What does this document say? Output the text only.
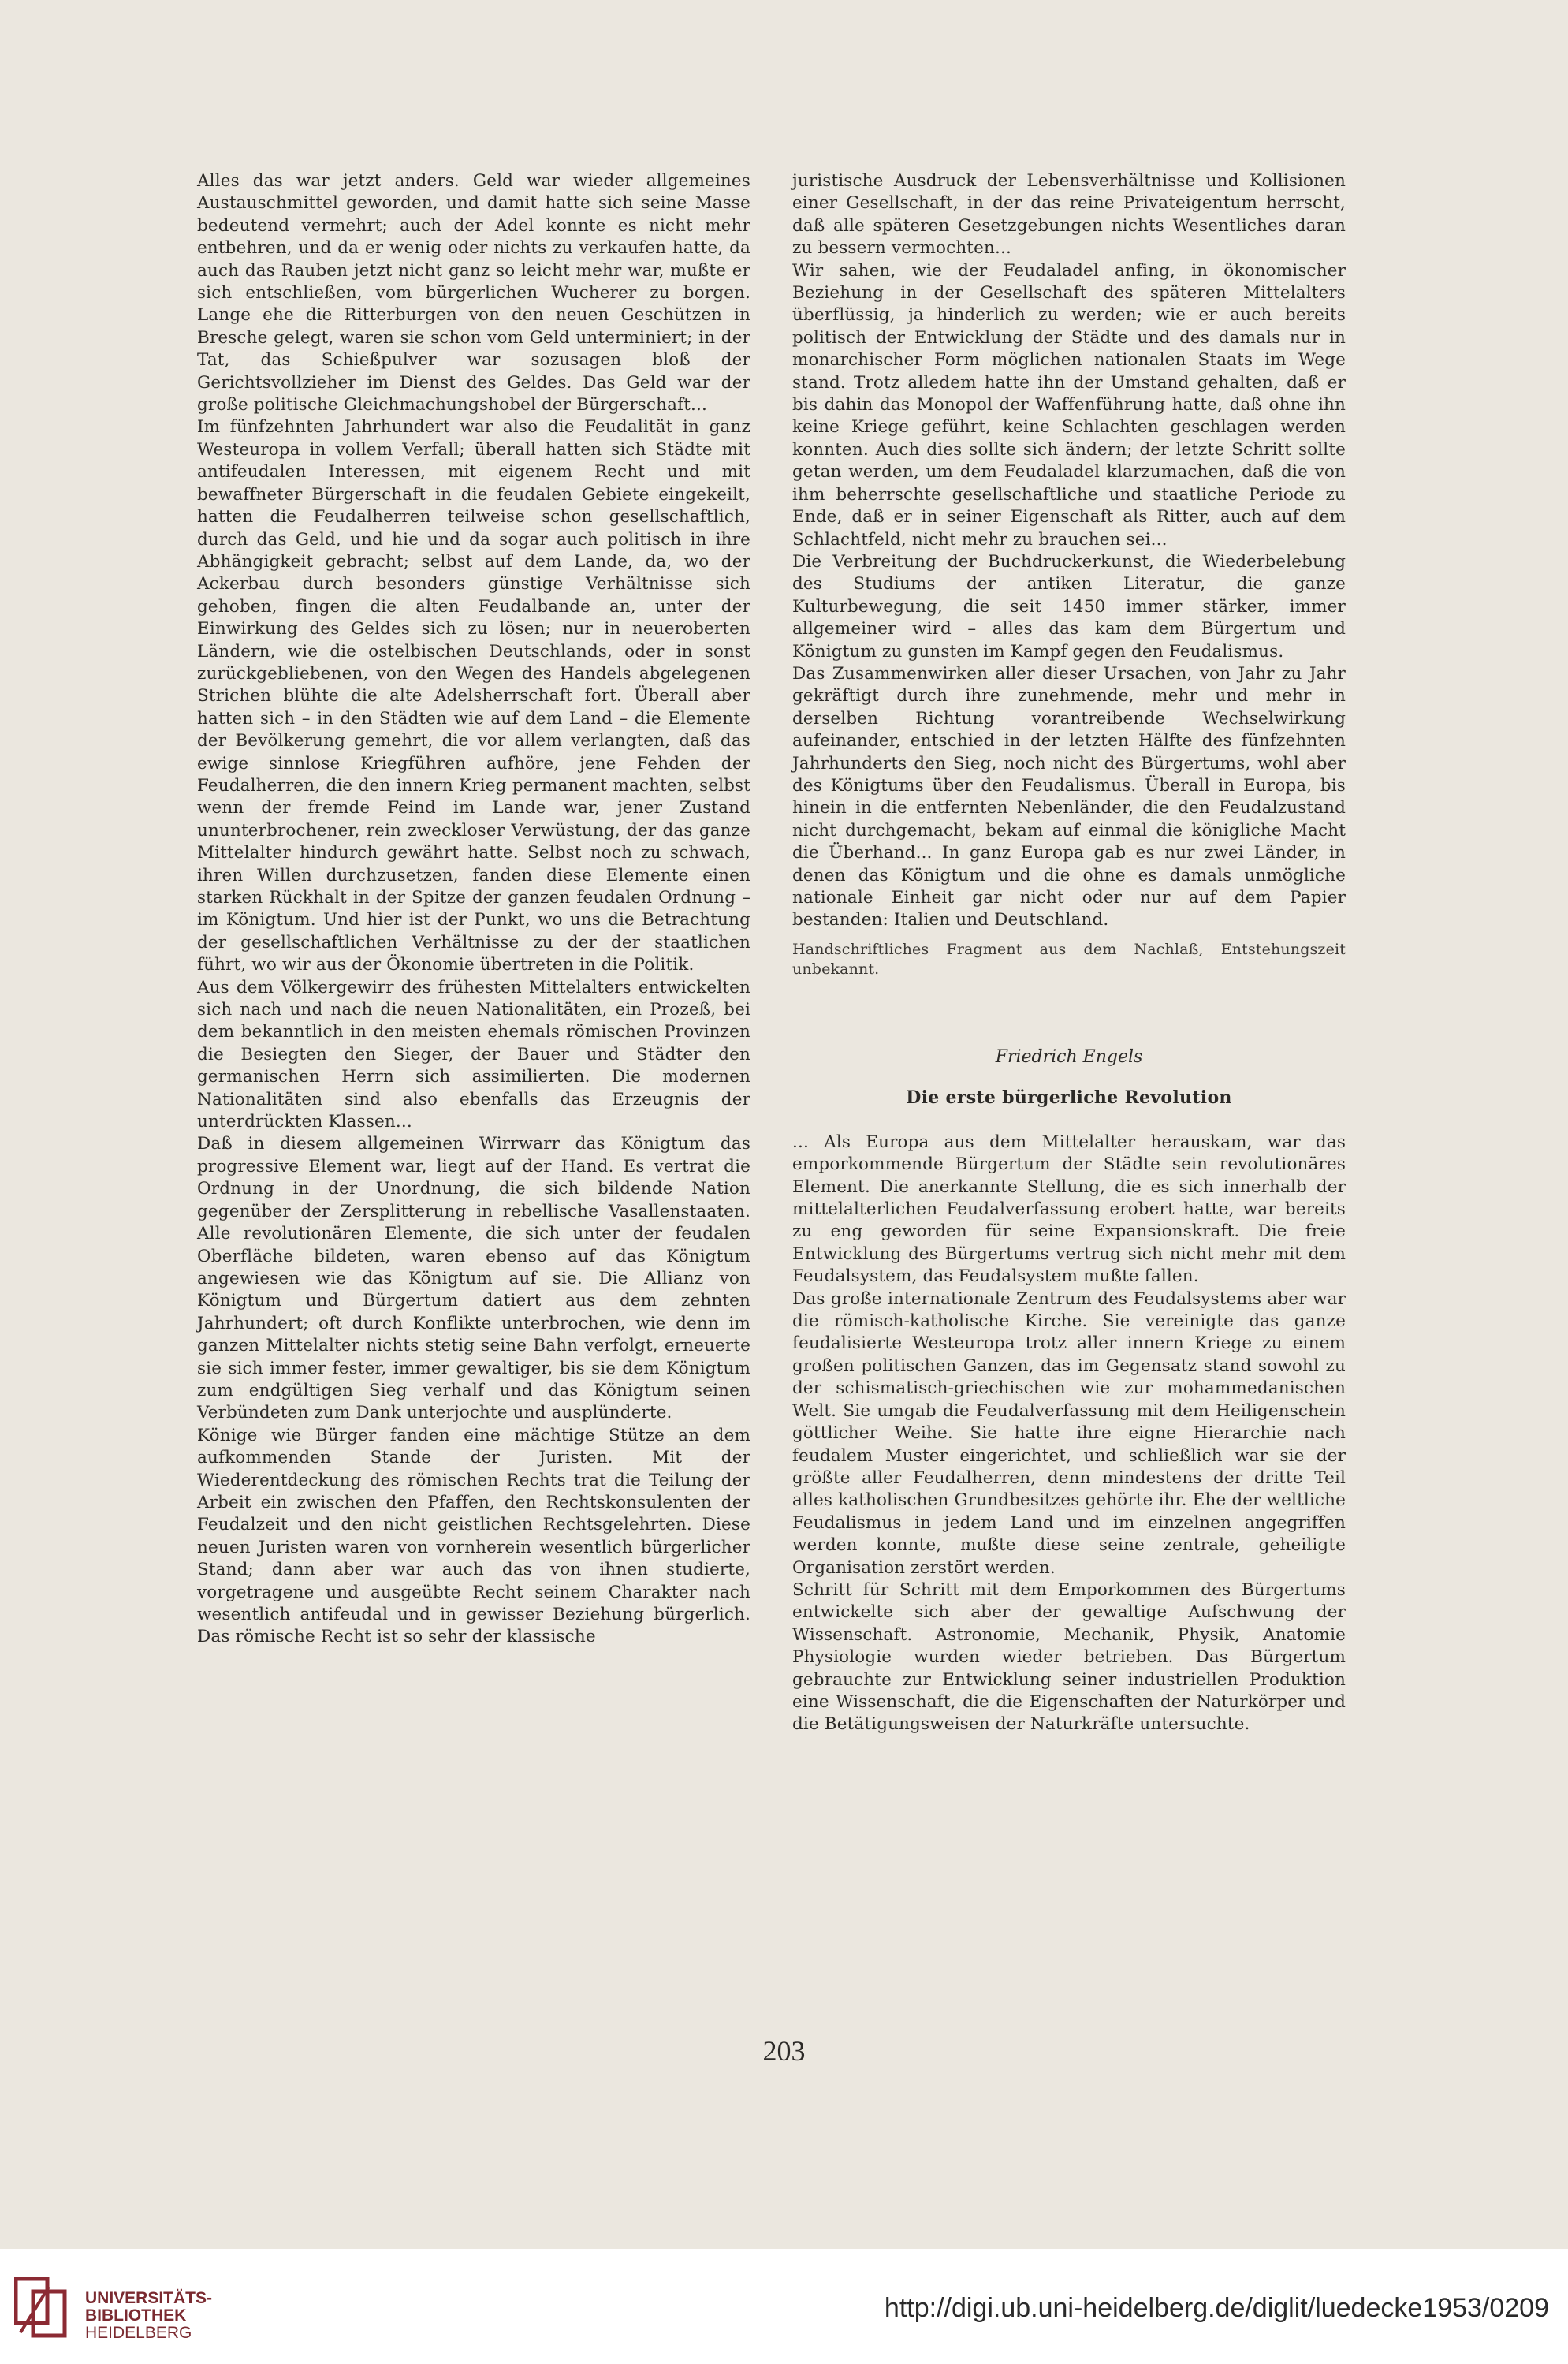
Alles das war jetzt anders. Geld war wieder allgemeines Austauschmittel geworden, und damit hatte sich seine Masse bedeutend vermehrt; auch der Adel konnte es nicht mehr entbehren, und da er wenig oder nichts zu verkaufen hatte, da auch das Rauben jetzt nicht ganz so leicht mehr war, mußte er sich entschließen, vom bürgerlichen Wucherer zu borgen. Lange ehe die Ritterburgen von den neuen Geschützen in Bresche gelegt, waren sie schon vom Geld unterminiert; in der Tat, das Schießpulver war sozusagen bloß der Gerichtsvollzieher im Dienst des Geldes. Das Geld war der große politische Gleichmachungshobel der Bürgerschaft...

Im fünfzehnten Jahrhundert war also die Feudalität in ganz Westeuropa in vollem Verfall; überall hatten sich Städte mit antifeudalen Interessen, mit eigenem Recht und mit bewaffneter Bürgerschaft in die feudalen Gebiete eingekeilt, hatten die Feudalherren teilweise schon gesellschaftlich, durch das Geld, und hie und da sogar auch politisch in ihre Abhängigkeit gebracht; selbst auf dem Lande, da, wo der Ackerbau durch besonders günstige Verhältnisse sich gehoben, fingen die alten Feudalbande an, unter der Einwirkung des Geldes sich zu lösen; nur in neueroberten Ländern, wie die ostelbischen Deutschlands, oder in sonst zurückgebliebenen, von den Wegen des Handels abgelegenen Strichen blühte die alte Adelsherrschaft fort. Überall aber hatten sich – in den Städten wie auf dem Land – die Elemente der Bevölkerung gemehrt, die vor allem verlangten, daß das ewige sinnlose Kriegführen aufhöre, jene Fehden der Feudalherren, die den innern Krieg permanent machten, selbst wenn der fremde Feind im Lande war, jener Zustand ununterbrochener, rein zweckloser Verwüstung, der das ganze Mittelalter hindurch gewährt hatte. Selbst noch zu schwach, ihren Willen durchzusetzen, fanden diese Elemente einen starken Rückhalt in der Spitze der ganzen feudalen Ordnung – im Königtum. Und hier ist der Punkt, wo uns die Betrachtung der gesellschaftlichen Verhältnisse zu der der staatlichen führt, wo wir aus der Ökonomie übertreten in die Politik.

Aus dem Völkergewirr des frühesten Mittelalters entwickelten sich nach und nach die neuen Nationalitäten, ein Prozeß, bei dem bekanntlich in den meisten ehemals römischen Provinzen die Besiegten den Sieger, der Bauer und Städter den germanischen Herrn sich assimilierten. Die modernen Nationalitäten sind also ebenfalls das Erzeugnis der unterdrückten Klassen...

Daß in diesem allgemeinen Wirrwarr das Königtum das progressive Element war, liegt auf der Hand. Es vertrat die Ordnung in der Unordnung, die sich bildende Nation gegenüber der Zersplitterung in rebellische Vasallenstaaten. Alle revolutionären Elemente, die sich unter der feudalen Oberfläche bildeten, waren ebenso auf das Königtum angewiesen wie das Königtum auf sie. Die Allianz von Königtum und Bürgertum datiert aus dem zehnten Jahrhundert; oft durch Konflikte unterbrochen, wie denn im ganzen Mittelalter nichts stetig seine Bahn verfolgt, erneuerte sie sich immer fester, immer gewaltiger, bis sie dem Königtum zum endgültigen Sieg verhalf und das Königtum seinen Verbündeten zum Dank unterjochte und ausplünderte.

Könige wie Bürger fanden eine mächtige Stütze an dem aufkommenden Stande der Juristen. Mit der Wiederentdeckung des römischen Rechts trat die Teilung der Arbeit ein zwischen den Pfaffen, den Rechtskonsulenten der Feudalzeit und den nicht geistlichen Rechtsgelehrten. Diese neuen Juristen waren von vornherein wesentlich bürgerlicher Stand; dann aber war auch das von ihnen studierte, vorgetragene und ausgeübte Recht seinem Charakter nach wesentlich antifeudal und in gewisser Beziehung bürgerlich. Das römische Recht ist so sehr der klassische

juristische Ausdruck der Lebensverhältnisse und Kollisionen einer Gesellschaft, in der das reine Privateigentum herrscht, daß alle späteren Gesetzgebungen nichts Wesentliches daran zu bessern vermochten...

Wir sahen, wie der Feudaladel anfing, in ökonomischer Beziehung in der Gesellschaft des späteren Mittelalters überflüssig, ja hinderlich zu werden; wie er auch bereits politisch der Entwicklung der Städte und des damals nur in monarchischer Form möglichen nationalen Staats im Wege stand. Trotz alledem hatte ihn der Umstand gehalten, daß er bis dahin das Monopol der Waffenführung hatte, daß ohne ihn keine Kriege geführt, keine Schlachten geschlagen werden konnten. Auch dies sollte sich ändern; der letzte Schritt sollte getan werden, um dem Feudaladel klarzumachen, daß die von ihm beherrschte gesellschaftliche und staatliche Periode zu Ende, daß er in seiner Eigenschaft als Ritter, auch auf dem Schlachtfeld, nicht mehr zu brauchen sei...

Die Verbreitung der Buchdruckerkunst, die Wiederbelebung des Studiums der antiken Literatur, die ganze Kulturbewegung, die seit 1450 immer stärker, immer allgemeiner wird – alles das kam dem Bürgertum und Königtum zu gunsten im Kampf gegen den Feudalismus.

Das Zusammenwirken aller dieser Ursachen, von Jahr zu Jahr gekräftigt durch ihre zunehmende, mehr und mehr in derselben Richtung vorantreibende Wechselwirkung aufeinander, entschied in der letzten Hälfte des fünfzehnten Jahrhunderts den Sieg, noch nicht des Bürgertums, wohl aber des Königtums über den Feudalismus. Überall in Europa, bis hinein in die entfernten Nebenländer, die den Feudalzustand nicht durchgemacht, bekam auf einmal die königliche Macht die Überhand... In ganz Europa gab es nur zwei Länder, in denen das Königtum und die ohne es damals unmögliche nationale Einheit gar nicht oder nur auf dem Papier bestanden: Italien und Deutschland.

Handschriftliches Fragment aus dem Nachlaß, Entstehungszeit unbekannt.

Friedrich Engels
Die erste bürgerliche Revolution

... Als Europa aus dem Mittelalter herauskam, war das emporkommende Bürgertum der Städte sein revolutionäres Element. Die anerkannte Stellung, die es sich innerhalb der mittelalterlichen Feudalverfassung erobert hatte, war bereits zu eng geworden für seine Expansionskraft. Die freie Entwicklung des Bürgertums vertrug sich nicht mehr mit dem Feudalsystem, das Feudalsystem mußte fallen.

Das große internationale Zentrum des Feudalsystems aber war die römisch-katholische Kirche. Sie vereinigte das ganze feudalisierte Westeuropa trotz aller innern Kriege zu einem großen politischen Ganzen, das im Gegensatz stand sowohl zu der schismatisch-griechischen wie zur mohammedanischen Welt. Sie umgab die Feudalverfassung mit dem Heiligenschein göttlicher Weihe. Sie hatte ihre eigne Hierarchie nach feudalem Muster eingerichtet, und schließlich war sie der größte aller Feudalherren, denn mindestens der dritte Teil alles katholischen Grundbesitzes gehörte ihr. Ehe der weltliche Feudalismus in jedem Land und im einzelnen angegriffen werden konnte, mußte diese seine zentrale, geheiligte Organisation zerstört werden.

Schritt für Schritt mit dem Emporkommen des Bürgertums entwickelte sich aber der gewaltige Aufschwung der Wissenschaft. Astronomie, Mechanik, Physik, Anatomie Physiologie wurden wieder betrieben. Das Bürgertum gebrauchte zur Entwicklung seiner industriellen Produktion eine Wissenschaft, die die Eigenschaften der Naturkörper und die Betätigungsweisen der Naturkräfte untersuchte.

203
UNIVERSITÄTS-
BIBLIOTHEK
HEIDELBERG
http://digi.ub.uni-heidelberg.de/diglit/luedecke1953/0209
